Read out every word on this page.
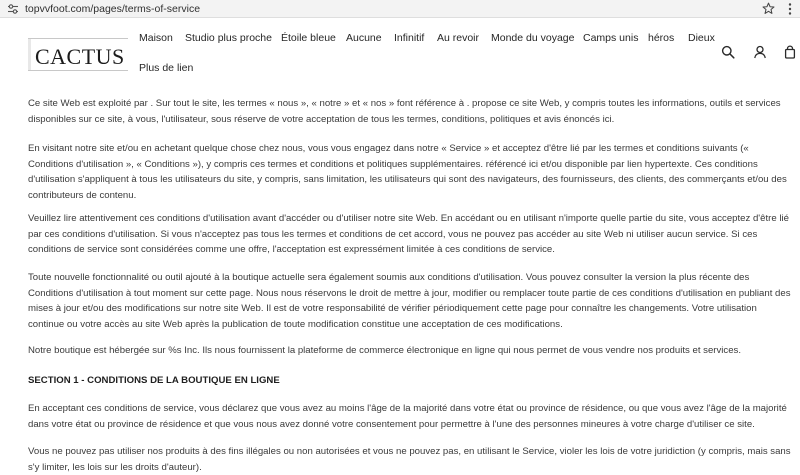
topvvfoot.com/pages/terms-of-service
CACTUS
Maison Studio plus proche Étoile bleue Aucune Infinitif Au revoir Monde du voyage Camps unis héros Dieux
Plus de lien

Ce site Web est exploité par . Sur tout le site, les termes « nous », « notre » et « nos » font référence à . propose ce site Web, y compris toutes les informations, outils et services disponibles sur ce site, à vous, l'utilisateur, sous réserve de votre acceptation de tous les termes, conditions, politiques et avis énoncés ici.

En visitant notre site et/ou en achetant quelque chose chez nous, vous vous engagez dans notre « Service » et acceptez d'être lié par les termes et conditions suivants (« Conditions d'utilisation », « Conditions »), y compris ces termes et conditions et politiques supplémentaires. référencé ici et/ou disponible par lien hypertexte. Ces conditions d'utilisation s'appliquent à tous les utilisateurs du site, y compris, sans limitation, les utilisateurs qui sont des navigateurs, des fournisseurs, des clients, des commerçants et/ou des contributeurs de contenu.

Veuillez lire attentivement ces conditions d'utilisation avant d'accéder ou d'utiliser notre site Web. En accédant ou en utilisant n'importe quelle partie du site, vous acceptez d'être lié par ces conditions d'utilisation. Si vous n'acceptez pas tous les termes et conditions de cet accord, vous ne pouvez pas accéder au site Web ni utiliser aucun service. Si ces conditions de service sont considérées comme une offre, l'acceptation est expressément limitée à ces conditions de service.

Toute nouvelle fonctionnalité ou outil ajouté à la boutique actuelle sera également soumis aux conditions d'utilisation. Vous pouvez consulter la version la plus récente des Conditions d'utilisation à tout moment sur cette page. Nous nous réservons le droit de mettre à jour, modifier ou remplacer toute partie de ces conditions d'utilisation en publiant des mises à jour et/ou des modifications sur notre site Web. Il est de votre responsabilité de vérifier périodiquement cette page pour connaître les changements. Votre utilisation continue ou votre accès au site Web après la publication de toute modification constitue une acceptation de ces modifications.

Notre boutique est hébergée sur %s Inc. Ils nous fournissent la plateforme de commerce électronique en ligne qui nous permet de vous vendre nos produits et services.

SECTION 1 - CONDITIONS DE LA BOUTIQUE EN LIGNE

En acceptant ces conditions de service, vous déclarez que vous avez au moins l'âge de la majorité dans votre état ou province de résidence, ou que vous avez l'âge de la majorité dans votre état ou province de résidence et que vous nous avez donné votre consentement pour permettre à l'une des personnes mineures à votre charge d'utiliser ce site.

Vous ne pouvez pas utiliser nos produits à des fins illégales ou non autorisées et vous ne pouvez pas, en utilisant le Service, violer les lois de votre juridiction (y compris, mais sans s'y limiter, les lois sur les droits d'auteur).
